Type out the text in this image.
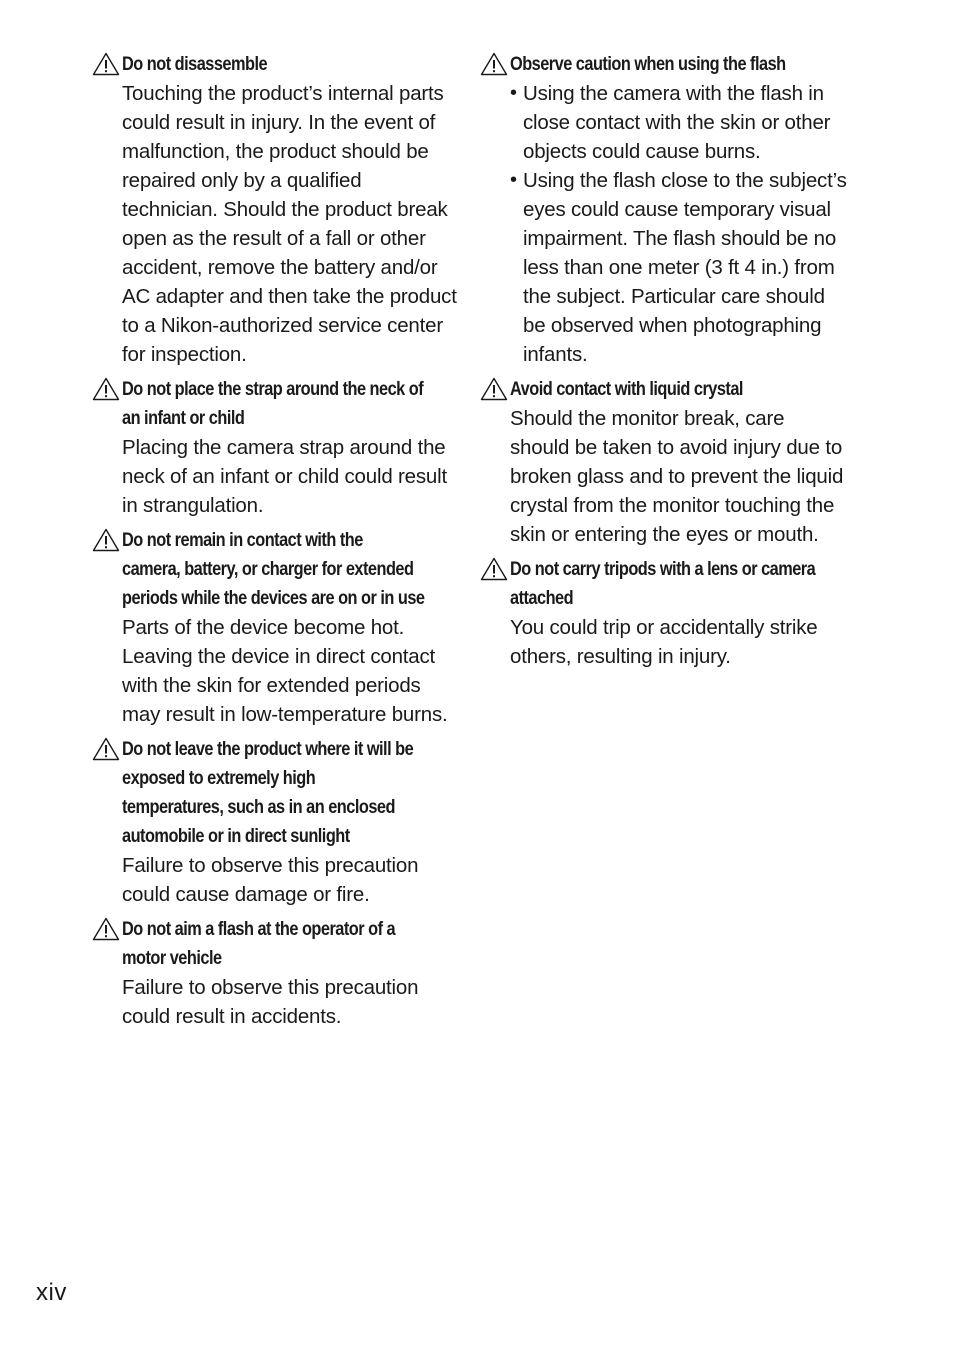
Do not disassemble
Touching the product’s internal parts
could result in injury. In the event of
malfunction, the product should be
repaired only by a qualified
technician. Should the product break
open as the result of a fall or other
accident, remove the battery and/or
AC adapter and then take the product
to a Nikon-authorized service center
for inspection.
Do not place the strap around the neck of
an infant or child
Placing the camera strap around the
neck of an infant or child could result
in strangulation.
Do not remain in contact with the
camera, battery, or charger for extended
periods while the devices are on or in use
Parts of the device become hot.
Leaving the device in direct contact
with the skin for extended periods
may result in low-temperature burns.
Do not leave the product where it will be
exposed to extremely high
temperatures, such as in an enclosed
automobile or in direct sunlight
Failure to observe this precaution
could cause damage or fire.
Do not aim a flash at the operator of a
motor vehicle
Failure to observe this precaution
could result in accidents.
Observe caution when using the flash
• Using the camera with the flash in
close contact with the skin or other
objects could cause burns.
• Using the flash close to the subject’s
eyes could cause temporary visual
impairment. The flash should be no
less than one meter (3 ft 4 in.) from
the subject. Particular care should
be observed when photographing
infants.
Avoid contact with liquid crystal
Should the monitor break, care
should be taken to avoid injury due to
broken glass and to prevent the liquid
crystal from the monitor touching the
skin or entering the eyes or mouth.
Do not carry tripods with a lens or camera
attached
You could trip or accidentally strike
others, resulting in injury.
xiv
